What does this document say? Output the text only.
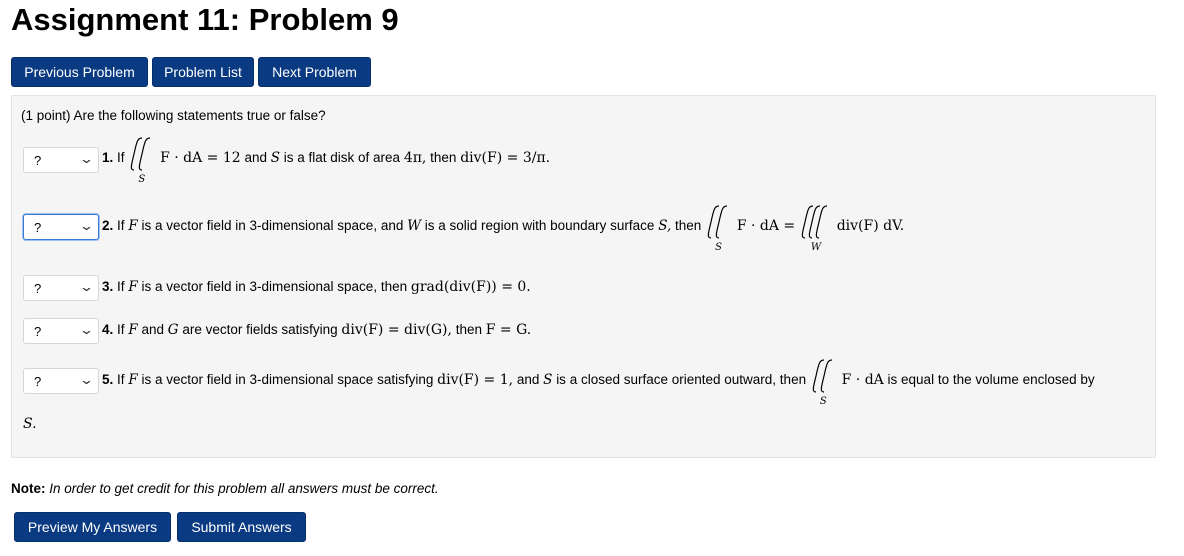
Assignment 11: Problem 9
Previous Problem	Problem List	Next Problem
(1 point) Are the following statements true or false?
?	⌄ 1. If
S
F · dA = 12 and S is a flat disk of area 4π, then div(F) = 3/π.
?	⌄ 2. If F is a vector field in 3-dimensional space, and W is a solid region with boundary surface S, then
S
F · dA =
W
div(F) dV.
?	⌄ 3. If F is a vector field in 3-dimensional space, then grad(div(F)) = 0.
?	⌄ 4. If F and G are vector fields satisfying div(F) = div(G), then F = G.
?	⌄ 5. If F is a vector field in 3-dimensional space satisfying div(F) = 1, and S is a closed surface oriented outward, then
S
F · dA is equal to the volume enclosed by
S.
Note: In order to get credit for this problem all answers must be correct.
Preview My Answers	Submit Answers
